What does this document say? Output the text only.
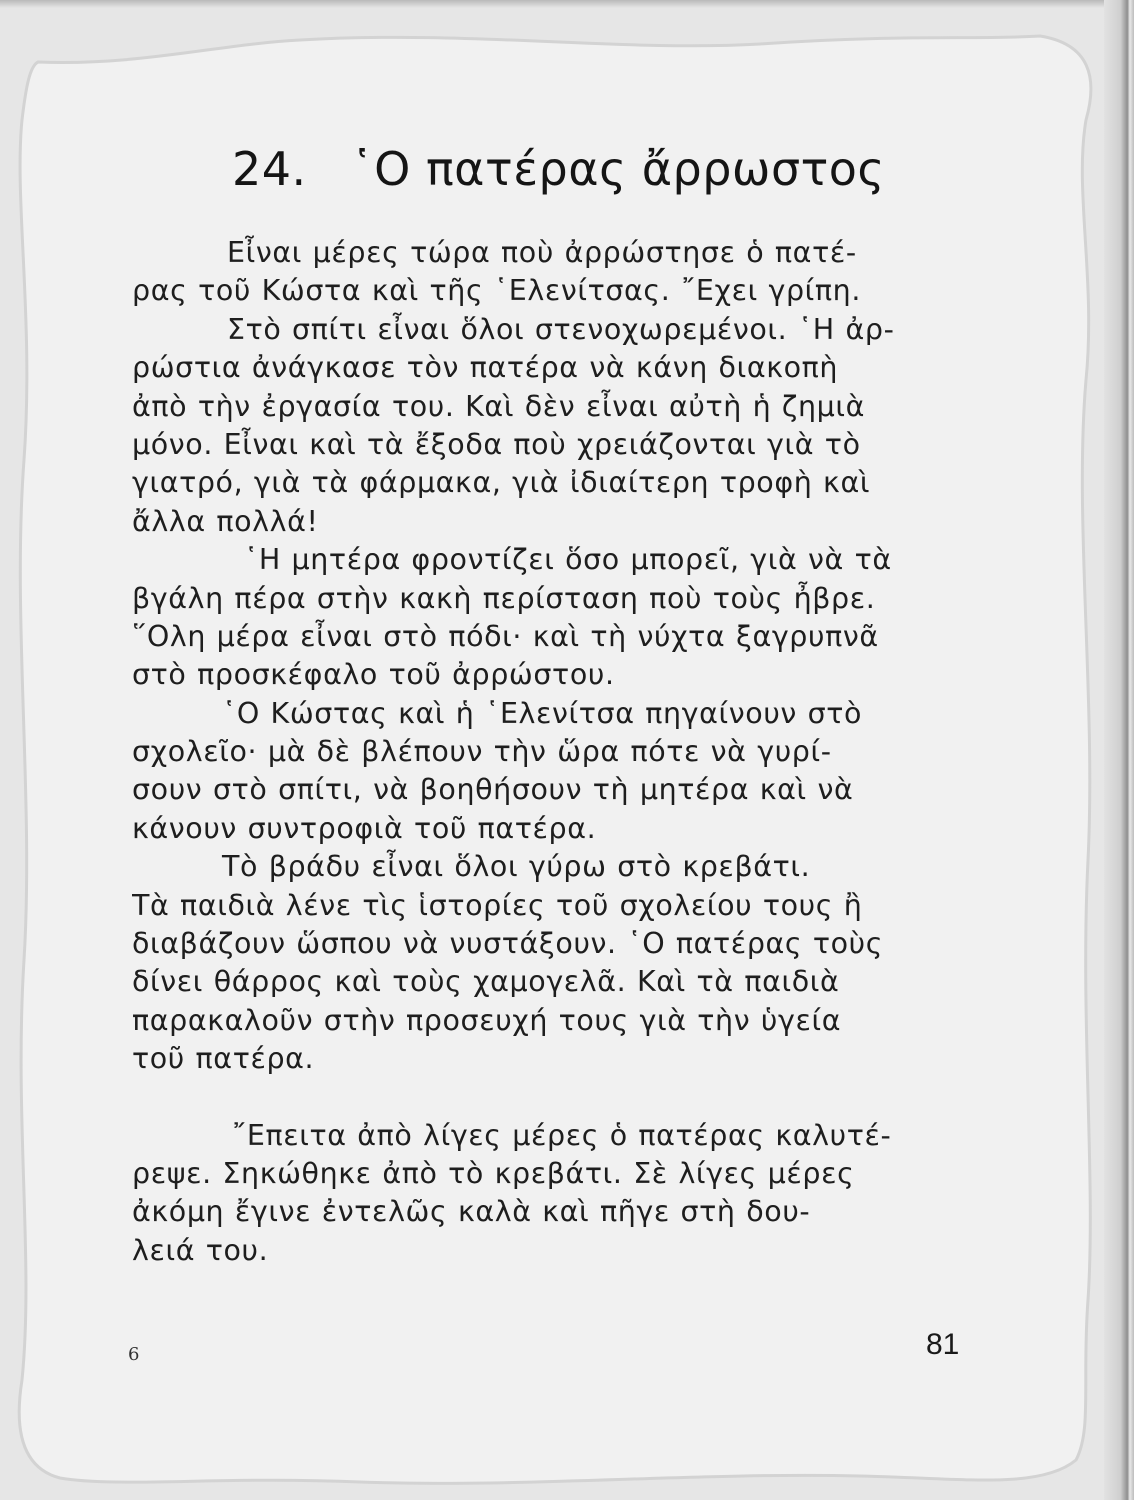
24. ῾Ο πατέρας ἄρρωστος
Εἶναι μέρες τώρα ποὺ ἀρρώστησε ὁ πατέ-
ρας τοῦ Κώστα καὶ τῆς ῾Ελενίτσας. ῎Εχει γρίπη.
Στὸ σπίτι εἶναι ὅλοι στενοχωρεμένοι. ῾Η ἀρ-
ρώστια ἀνάγκασε τὸν πατέρα νὰ κάνη διακοπὴ
ἀπὸ τὴν ἐργασία του. Καὶ δὲν εἶναι αὐτὴ ἡ ζημιὰ
μόνο. Εἶναι καὶ τὰ ἔξοδα ποὺ χρειάζονται γιὰ τὸ
γιατρό, γιὰ τὰ φάρμακα, γιὰ ἰδιαίτερη τροφὴ καὶ
ἄλλα πολλά!
῾Η μητέρα φροντίζει ὅσο μπορεῖ, γιὰ νὰ τὰ
βγάλη πέρα στὴν κακὴ περίσταση ποὺ τοὺς ἦβρε.
῞Ολη μέρα εἶναι στὸ πόδι· καὶ τὴ νύχτα ξαγρυπνᾶ
στὸ προσκέφαλο τοῦ ἀρρώστου.
῾Ο Κώστας καὶ ἡ ῾Ελενίτσα πηγαίνουν στὸ
σχολεῖο· μὰ δὲ βλέπουν τὴν ὥρα πότε νὰ γυρί-
σουν στὸ σπίτι, νὰ βοηθήσουν τὴ μητέρα καὶ νὰ
κάνουν συντροφιὰ τοῦ πατέρα.
Τὸ βράδυ εἶναι ὅλοι γύρω στὸ κρεβάτι.
Τὰ παιδιὰ λένε τὶς ἱστορίες τοῦ σχολείου τους ἢ
διαβάζουν ὥσπου νὰ νυστάξουν. ῾Ο πατέρας τοὺς
δίνει θάρρος καὶ τοὺς χαμογελᾶ. Καὶ τὰ παιδιὰ
παρακαλοῦν στὴν προσευχή τους γιὰ τὴν ὑγεία
τοῦ πατέρα.
῎Επειτα ἀπὸ λίγες μέρες ὁ πατέρας καλυτέ-
ρεψε. Σηκώθηκε ἀπὸ τὸ κρεβάτι. Σὲ λίγες μέρες
ἀκόμη ἔγινε ἐντελῶς καλὰ καὶ πῆγε στὴ δου-
λειά του.
6	81
